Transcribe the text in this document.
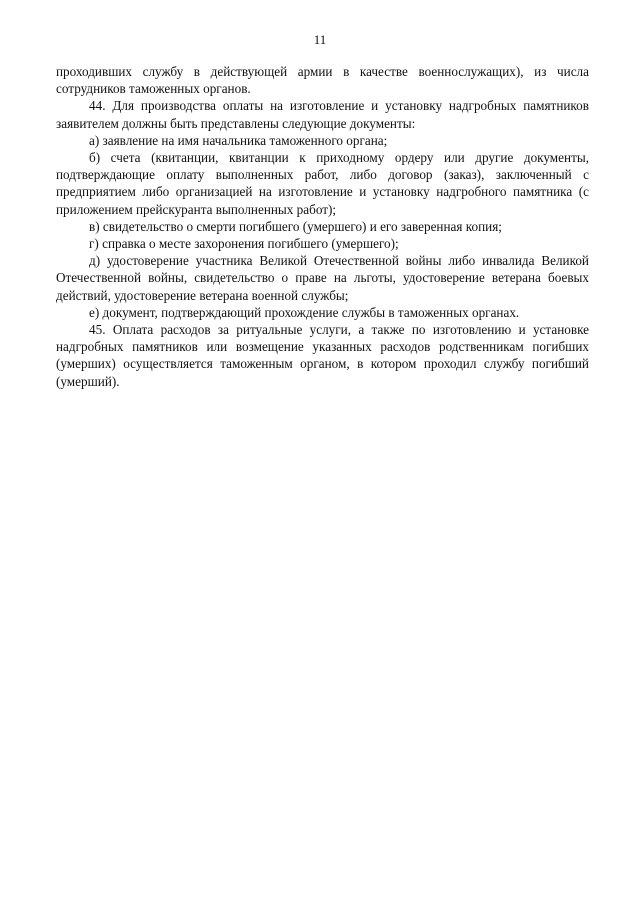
11

проходивших службу в действующей армии в качестве военнослужащих), из числа сотрудников таможенных органов.

44. Для производства оплаты на изготовление и установку надгробных памятников заявителем должны быть представлены следующие документы:

а) заявление на имя начальника таможенного органа;

б) счета (квитанции, квитанции к приходному ордеру или другие документы, подтверждающие оплату выполненных работ, либо договор (заказ), заключенный с предприятием либо организацией на изготовление и установку надгробного памятника (с приложением прейскуранта выполненных работ);

в) свидетельство о смерти погибшего (умершего) и его заверенная копия;

г) справка о месте захоронения погибшего (умершего);

д) удостоверение участника Великой Отечественной войны либо инвалида Великой Отечественной войны, свидетельство о праве на льготы, удостоверение ветерана боевых действий, удостоверение ветерана военной службы;

е) документ, подтверждающий прохождение службы в таможенных органах.

45. Оплата расходов за ритуальные услуги, а также по изготовлению и установке надгробных памятников или возмещение указанных расходов родственникам погибших (умерших) осуществляется таможенным органом, в котором проходил службу погибший (умерший).
